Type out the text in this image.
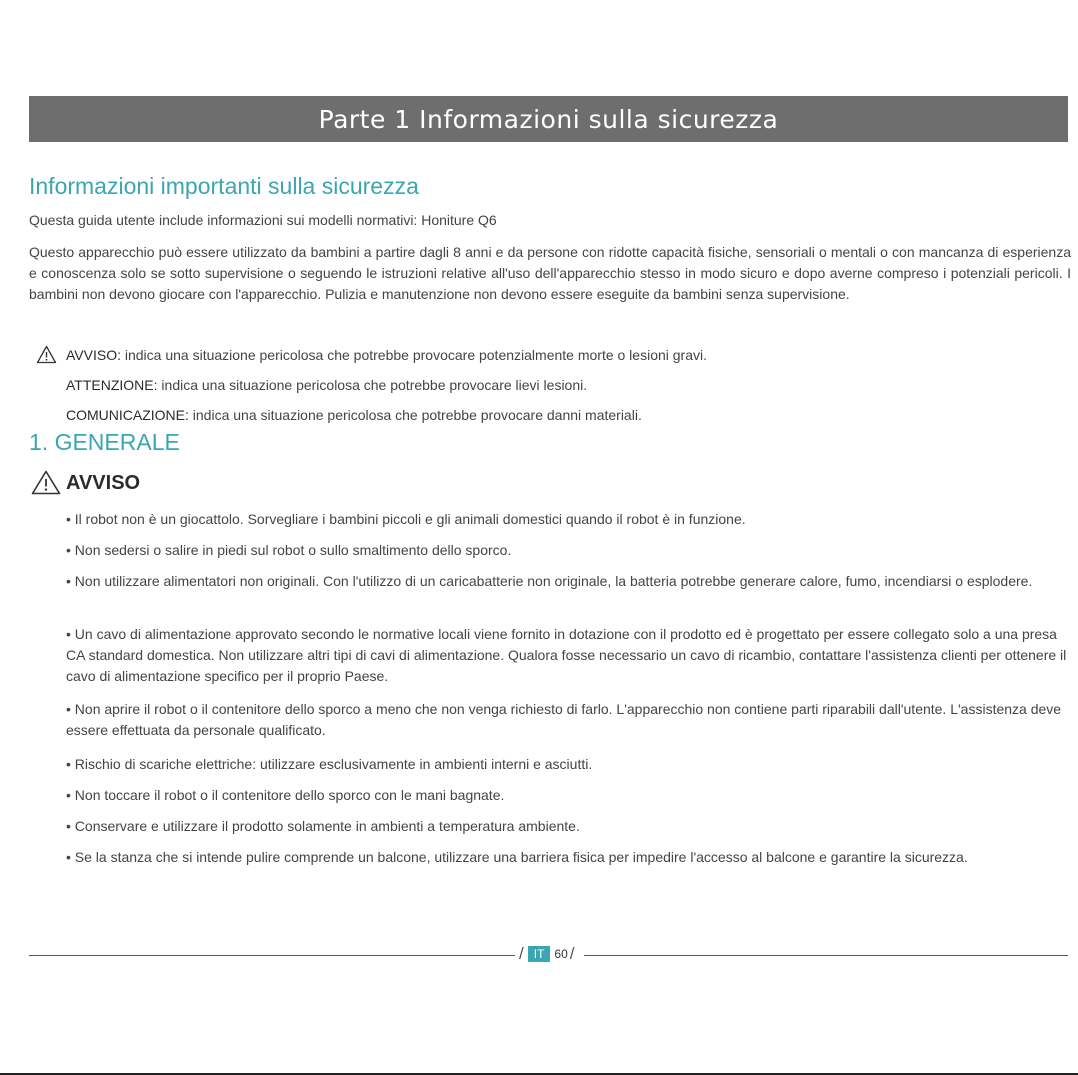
Parte 1 Informazioni sulla sicurezza
Informazioni importanti sulla sicurezza

Questa guida utente include informazioni sui modelli normativi: Honiture Q6

Questo apparecchio può essere utilizzato da bambini a partire dagli 8 anni e da persone con ridotte capacità fisiche, sensoriali o mentali o con mancanza di esperienza e conoscenza solo se sotto supervisione o seguendo le istruzioni relative all'uso dell'apparecchio stesso in modo sicuro e dopo averne compreso i potenziali pericoli. I bambini non devono giocare con l'apparecchio. Pulizia e manutenzione non devono essere eseguite da bambini senza supervisione.

AVVISO: indica una situazione pericolosa che potrebbe provocare potenzialmente morte o lesioni gravi.
ATTENZIONE: indica una situazione pericolosa che potrebbe provocare lievi lesioni.
COMUNICAZIONE: indica una situazione pericolosa che potrebbe provocare danni materiali.
1. GENERALE
AVVISO

• Il robot non è un giocattolo. Sorvegliare i bambini piccoli e gli animali domestici quando il robot è in funzione.

• Non sedersi o salire in piedi sul robot o sullo smaltimento dello sporco.

• Non utilizzare alimentatori non originali. Con l'utilizzo di un caricabatterie non originale, la batteria potrebbe generare calore, fumo, incendiarsi o esplodere.

• Un cavo di alimentazione approvato secondo le normative locali viene fornito in dotazione con il prodotto ed è progettato per essere collegato solo a una presa CA standard domestica. Non utilizzare altri tipi di cavi di alimentazione. Qualora fosse necessario un cavo di ricambio, contattare l'assistenza clienti per ottenere il cavo di alimentazione specifico per il proprio Paese.

• Non aprire il robot o il contenitore dello sporco a meno che non venga richiesto di farlo. L'apparecchio non contiene parti riparabili dall'utente. L'assistenza deve essere effettuata da personale qualificato.

• Rischio di scariche elettriche: utilizzare esclusivamente in ambienti interni e asciutti.

• Non toccare il robot o il contenitore dello sporco con le mani bagnate.

• Conservare e utilizzare il prodotto solamente in ambienti a temperatura ambiente.

• Se la stanza che si intende pulire comprende un balcone, utilizzare una barriera fisica per impedire l'accesso al balcone e garantire la sicurezza.

/ IT 60 /
